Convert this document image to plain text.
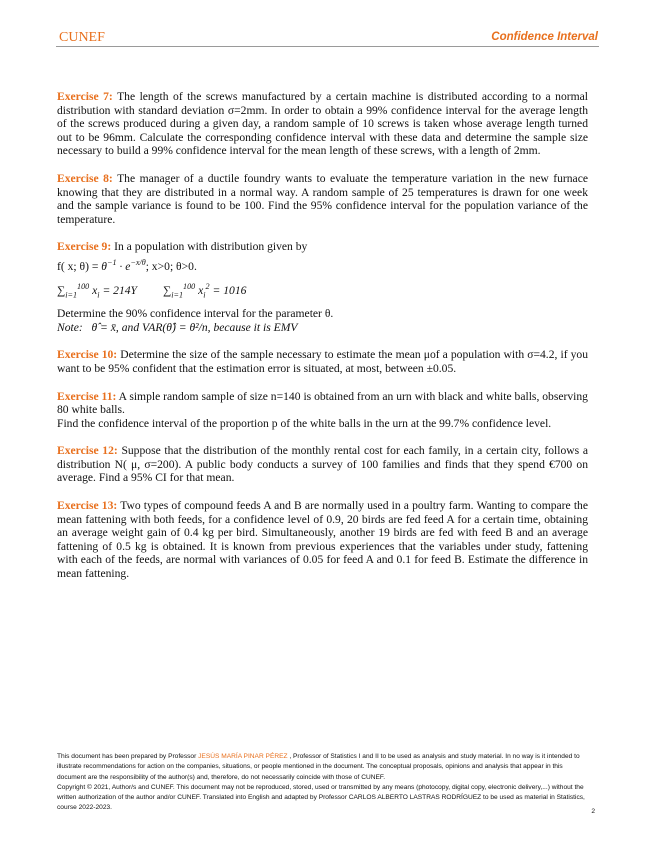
CUNEF	Confidence Interval

Exercise 7: The length of the screws manufactured by a certain machine is distributed according to a normal distribution with standard deviation σ=2mm. In order to obtain a 99% confidence interval for the average length of the screws produced during a given day, a random sample of 10 screws is taken whose average length turned out to be 96mm. Calculate the corresponding confidence interval with these data and determine the sample size necessary to build a 99% confidence interval for the mean length of these screws, with a length of 2mm.

Exercise 8: The manager of a ductile foundry wants to evaluate the temperature variation in the new furnace knowing that they are distributed in a normal way. A random sample of 25 temperatures is drawn for one week and the sample variance is found to be 100. Find the 95% confidence interval for the population variance of the temperature.

Exercise 9: In a population with distribution given by

f( x; $\theta) = \theta^{-1} \cdot e^{-x/\theta}$; x>0; θ>0.

$\sum_{i=1}^{100}$ $x_i = 214Y$ $\sum_{i=1}^{100}$ $x_i^2 = 1016$

Determine the 90% confidence interval for the parameter θ.

Note: θ̂ = x̄, and VAR(θ̂) = θ²/n, because it is EMV

Exercise 10: Determine the size of the sample necessary to estimate the mean μof a population with σ=4.2, if you want to be 95% confident that the estimation error is situated, at most, between ±0.05.

Exercise 11: A simple random sample of size n=140 is obtained from an urn with black and white balls, observing 80 white balls.

Find the confidence interval of the proportion p of the white balls in the urn at the 99.7% confidence level.

Exercise 12: Suppose that the distribution of the monthly rental cost for each family, in a certain city, follows a distribution N( μ, σ=200). A public body conducts a survey of 100 families and finds that they spend €700 on average. Find a 95% CI for that mean.

Exercise 13: Two types of compound feeds A and B are normally used in a poultry farm. Wanting to compare the mean fattening with both feeds, for a confidence level of 0.9, 20 birds are fed feed A for a certain time, obtaining an average weight gain of 0.4 kg per bird. Simultaneously, another 19 birds are fed with feed B and an average fattening of 0.5 kg is obtained. It is known from previous experiences that the variables under study, fattening with each of the feeds, are normal with variances of 0.05 for feed A and 0.1 for feed B. Estimate the difference in mean fattening.

This document has been prepared by Professor JESÚS MARÍA PINAR PÉREZ , Professor of Statistics I and II to be used as analysis and study material. In no way is it intended to illustrate recommendations for action on the companies, situations, or people mentioned in the document. The conceptual proposals, opinions and analysis that appear in this document are the responsibility of the author(s) and, therefore, do not necessarily coincide with those of CUNEF.

Copyright © 2021, Author/s and CUNEF. This document may not be reproduced, stored, used or transmitted by any means (photocopy, digital copy, electronic delivery,...) without the written authorization of the author and/or CUNEF. Translated into English and adapted by Professor CARLOS ALBERTO LASTRAS RODRÍGUEZ to be used as material in Statistics, course 2022-2023.

2
